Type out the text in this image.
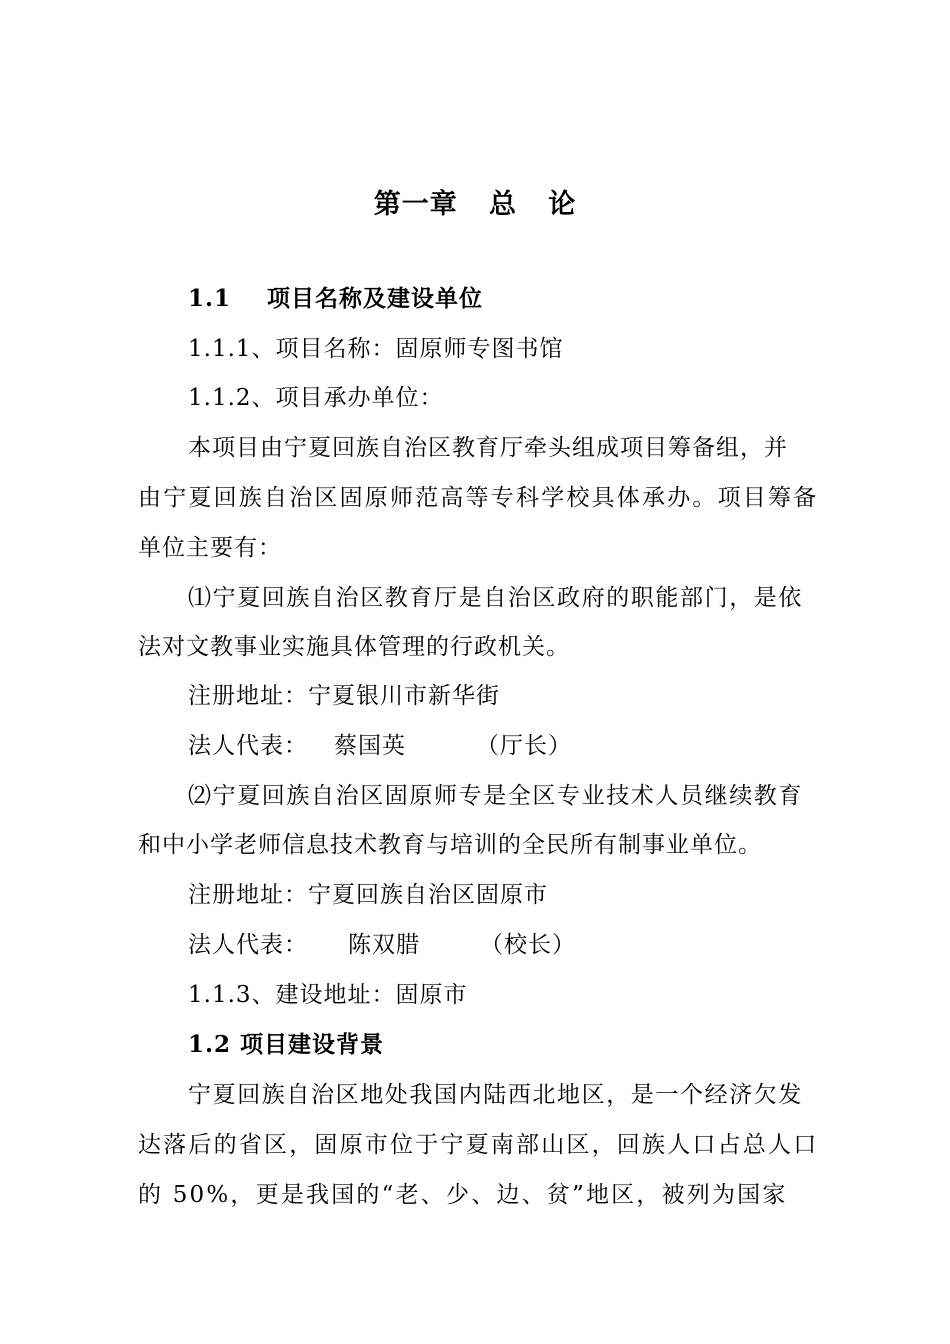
第一章   总   论
1.1 项目名称及建设单位
1.1.1、项目名称：固原师专图书馆
1.1.2、项目承办单位：
本项目由宁夏回族自治区教育厅牵头组成项目筹备组，并
由宁夏回族自治区固原师范高等专科学校具体承办。项目筹备
单位主要有：
⑴宁夏回族自治区教育厅是自治区政府的职能部门，是依
法对文教事业实施具体管理的行政机关。
注册地址：宁夏银川市新华街
法人代表： 蔡国英	（厅长）
⑵宁夏回族自治区固原师专是全区专业技术人员继续教育
和中小学老师信息技术教育与培训的全民所有制事业单位。
注册地址：宁夏回族自治区固原市
法人代表： 陈双腊	（校长）
1.1.3、建设地址：固原市
1.2 项目建设背景
宁夏回族自治区地处我国内陆西北地区，是一个经济欠发
达落后的省区，固原市位于宁夏南部山区，回族人口占总人口
的 50%，更是我国的“老、少、边、贫”地区，被列为国家
